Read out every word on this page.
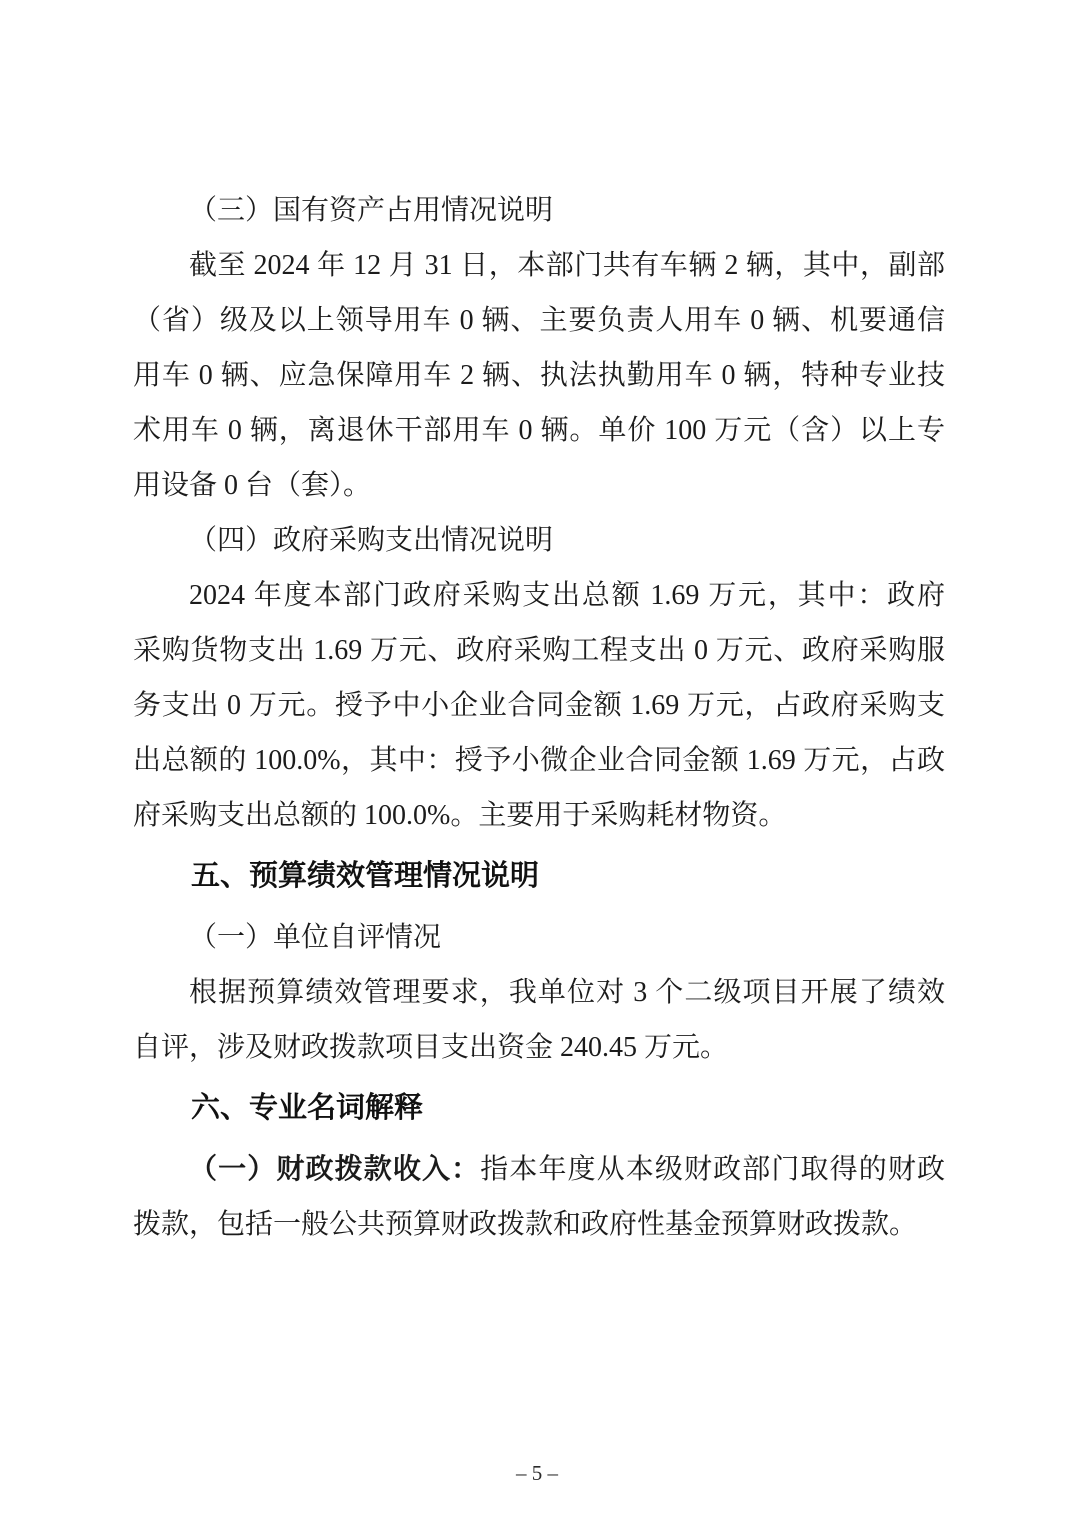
（三）国有资产占用情况说明
截至 2024 年 12 月 31 日，本部门共有车辆 2 辆，其中，副部
（省）级及以上领导用车 0 辆、主要负责人用车 0 辆、机要通信
用车 0 辆、应急保障用车 2 辆、执法执勤用车 0 辆，特种专业技
术用车 0 辆，离退休干部用车 0 辆。单价 100 万元（含）以上专
用设备 0 台（套）。
（四）政府采购支出情况说明
2024 年度本部门政府采购支出总额 1.69 万元，其中：政府
采购货物支出 1.69 万元、政府采购工程支出 0 万元、政府采购服
务支出 0 万元。授予中小企业合同金额 1.69 万元，占政府采购支
出总额的 100.0%，其中：授予小微企业合同金额 1.69 万元，占政
府采购支出总额的 100.0%。主要用于采购耗材物资。
五、预算绩效管理情况说明
（一）单位自评情况
根据预算绩效管理要求，我单位对 3 个二级项目开展了绩效
自评，涉及财政拨款项目支出资金 240.45 万元。
六、专业名词解释
（一）财政拨款收入：指本年度从本级财政部门取得的财政
拨款，包括一般公共预算财政拨款和政府性基金预算财政拨款。
– 5 –
